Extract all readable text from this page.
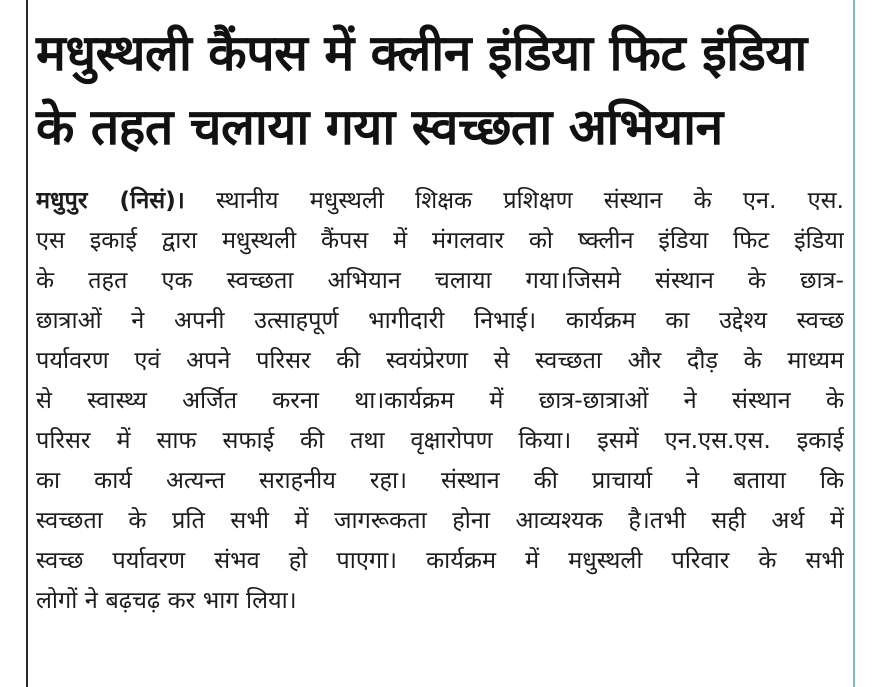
मधुस्थली कैंपस में क्लीन इंडिया फिट इंडिया
के तहत चलाया गया स्वच्छता अभियान
मधुपुर (निसं)। स्थानीय मधुस्थली शिक्षक प्रशिक्षण संस्थान के एन. एस.
एस इकाई द्वारा मधुस्थली कैंपस में मंगलवार को ष्क्लीन इंडिया फिट इंडिया
के तहत एक स्वच्छता अभियान चलाया गया।जिसमे संस्थान के छात्र-
छात्राओं ने अपनी उत्साहपूर्ण भागीदारी निभाई। कार्यक्रम का उद्देश्य स्वच्छ
पर्यावरण एवं अपने परिसर की स्वयंप्रेरणा से स्वच्छता और दौड़ के माध्यम
से स्वास्थ्य अर्जित करना था।कार्यक्रम में छात्र-छात्राओं ने संस्थान के
परिसर में साफ सफाई की तथा वृक्षारोपण किया। इसमें एन.एस.एस. इकाई
का कार्य अत्यन्त सराहनीय रहा। संस्थान की प्राचार्या ने बताया कि
स्वच्छता के प्रति सभी में जागरूकता होना आव्यश्यक है।तभी सही अर्थ में
स्वच्छ पर्यावरण संभव हो पाएगा। कार्यक्रम में मधुस्थली परिवार के सभी
लोगों ने बढ़चढ़ कर भाग लिया।
